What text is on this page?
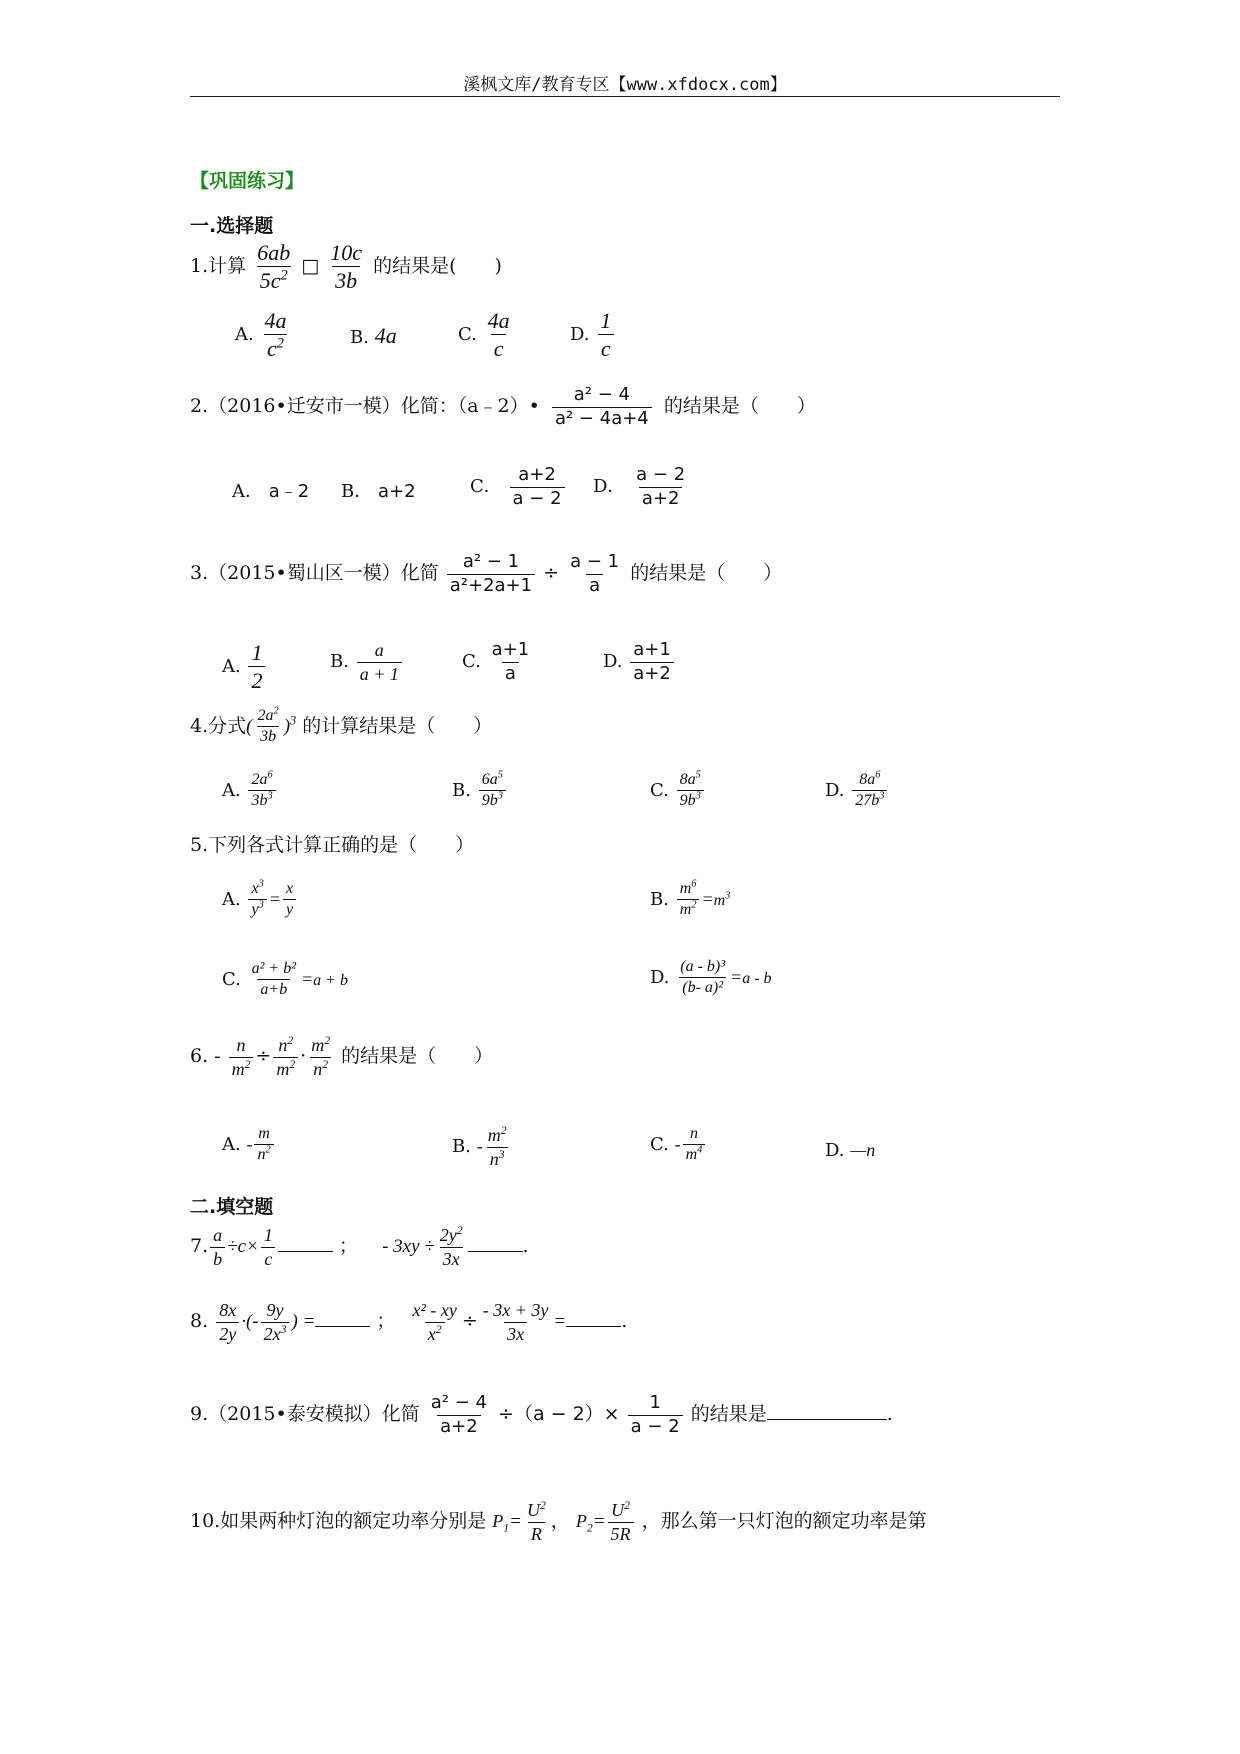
溪枫文库/教育专区【www.xfdocx.com】
【巩固练习】
一.选择题
1.计算 $\frac{6ab}{5c^2}$ □ $\frac{10c}{3b}$ 的结果是(　　)
A. $\frac{4a}{c^2}$	B. 4a	C. $\frac{4a}{c}$	D. $\frac{1}{c}$
2.（2016•迁安市一模）化简：（a﹣2）• $\frac{\text{a² − 4}}{\text{a² − 4a+4}}$ 的结果是（　　）
A． a﹣2 B． a+2	C． $\frac{a+2}{a - 2}$ D． $\frac{a - 2}{a+2}$
3.（2015•蜀山区一模）化简 $\frac{\text{a² − 1}}{\text{a²+2a+1}} \div \frac{a - 1}{a}$ 的结果是（　　）
A. $\frac{1}{2}$	B. $\frac{a}{a + 1}$	C. $\frac{a+1}{a}$	D. $\frac{a+1}{a+2}$
4.分式( $\frac{2a^2}{3b} )^3$ 的计算结果是（　　）
A. $\frac{2a^6}{3b^3}$	B. $\frac{6a^5}{9b^3}$	C. $\frac{8a^5}{9b^3}$	D. $\frac{8a^6}{27b^3}$
5.下列各式计算正确的是（　　）
A. $\frac{x^3}{y^3} = \frac{x}{y}$	B. $\frac{m^6}{m^2} =m^3$
C. $\frac{\text{a² + b²}}{a+b} =a + b$	D. $\frac{\text{(a - b)³}}{\text{(b- a)²}} =a - b$
6. - $\frac{n}{m^2} \div \frac{n^2}{m^2} \cdot \frac{m^2}{n^2}$ 的结果是（　　）
A. - $\frac{m}{n^2}$	B. - $\frac{m^2}{n^3}$	C. - $\frac{n}{m^4}$	D. —n
二.填空题
7. $\frac{a}{b} \div c\times \frac{1}{c}$	； - $3xy \div \frac{2y^2}{3x}$	.
8. $\frac{8x}{2y}$ ·(- $\frac{9y}{2x^3}$ ) =	； $\frac{\text{x² - xy}}{x^2} \div \frac{- 3x + 3y}{3x}$ =	.
9.（2015•泰安模拟）化简 $\frac{\text{a² − 4}}{a+2} \div(a - 2)\times \frac{1}{a - 2}$ 的结果是	.
10.如果两种灯泡的额定功率分别是 $P_1= \frac{U^2}{R}$ ， $P_2= \frac{U^2}{5R}$ ，那么第一只灯泡的额定功率是第
